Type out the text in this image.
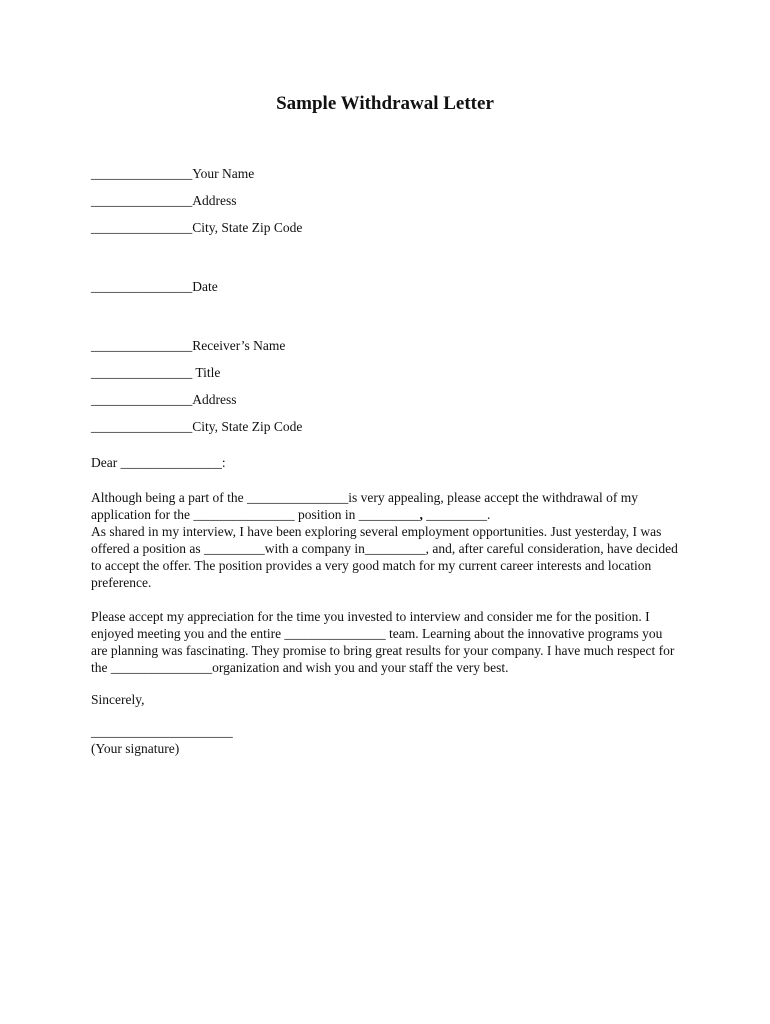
Sample Withdrawal Letter
_______________Your Name
_______________Address
_______________City, State Zip Code
_______________Date
_______________Receiver’s Name
_______________ Title
_______________Address
_______________City, State Zip Code
Dear _______________:

Although being a part of the _______________is very appealing, please accept the withdrawal of my

application for the _______________ position in _________, _________.

As shared in my interview, I have been exploring several employment opportunities. Just yesterday, I was offered a position as _________with a company in_________, and, after careful consideration, have decided to accept the offer. The position provides a very good match for my current career interests and location preference.

Please accept my appreciation for the time you invested to interview and consider me for the position. I enjoyed meeting you and the entire _______________ team. Learning about the innovative programs you are planning was fascinating. They promise to bring great results for your company. I have much respect for the _______________organization and wish you and your staff the very best.
Sincerely,
_____________________
(Your signature)
